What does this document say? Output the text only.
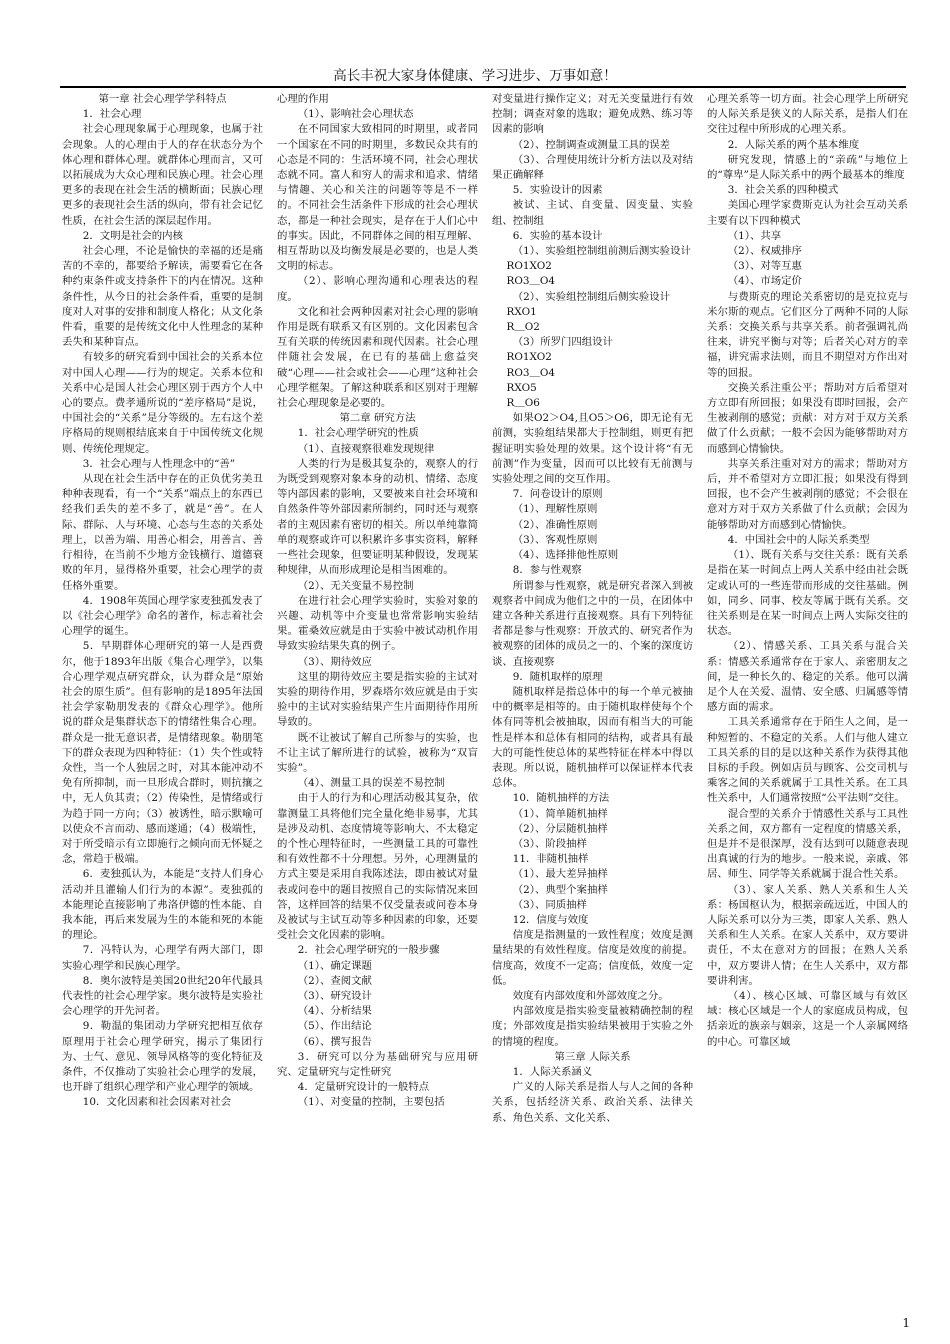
高长丰祝大家身体健康、学习进步、万事如意！

第一章 社会心理学学科特点

1．社会心理

社会心理现象属于心理现象，也属于社会现象。人的心理由于人的存在状态分为个体心理和群体心理。就群体心理而言，又可以拓展成为大众心理和民族心理。社会心理更多的表现在社会生活的横断面；民族心理更多的表现社会生活的纵向，带有社会记忆性质，在社会生活的深层起作用。

2．文明是社会的内核

社会心理，不论是愉快的幸福的还是痛苦的不幸的，都要给予解读，需要看它在各种约束条件或支持条件下的内在情况。这种条件性，从今日的社会条件看，重要的是制度对人对事的安排和制度人格化；从文化条件看，重要的是传统文化中人性理念的某种丢失和某种盲点。

有较多的研究看到中国社会的关系本位对中国人心理——行为的规定。关系本位和关系中心是国人社会心理区别于西方个人中心的要点。费孝通所说的“差序格局”是说，中国社会的“关系”是分等级的。左右这个差序格局的规则根结底来自于中国传统文化规则、传统伦理规定。

3．社会心理与人性理念中的“善”

从现在社会生活中存在的正负优劣美丑种种表现看，有一个“关系”端点上的东西已经我们丢失的差不多了，就是“善”。在人际、群际、人与环境、心态与生态的关系处理上，以善为端、用善心相会，用善言、善行相待，在当前不少地方金钱横行、道德衰败的年月，显得格外重要，社会心理学的责任格外重要。

4．1908年英国心理学家麦独孤发表了以《社会心理学》命名的著作，标志着社会心理学的诞生。

5．早期群体心理研究的第一人是西费尔，他于1893年出版《集合心理学》，以集合心理学观点研究群众，认为群众是“原始社会的原生质”。但有影响的是1895年法国社会学家勒朋发表的《群众心理学》。他所说的群众是集群状态下的情绪性集合心理。群众是一批无意识者，是情绪现象。勒朋笔下的群众表现为四种特征：（1）失个性或特众性，当一个人独居之时，对其本能冲动不免有所抑制，而一旦形成合群时，则抗攘之中，无人负其责；（2）传染性，是情绪或行为趋于同一方向；（3）被诱性，暗示默喻可以使众不言而动、感而遂通；（4）极端性，对于所受暗示有立即施行之倾向而无怀疑之念，常趋于极端。

6．麦独孤认为，本能是“支持人们身心活动并且灌输人们行为的本源”。麦独孤的本能理论直接影响了弗洛伊德的性本能、自我本能，再后来发展为生的本能和死的本能的理论。

7．冯特认为，心理学有两大部门，即实验心理学和民族心理学。

8．奥尔波特是美国20世纪20年代最具代表性的社会心理学家。奥尔波特是实验社会心理学的开先河者。

9．勒温的集团动力学研究把相互依存原理用于社会心理学研究，揭示了集团行为、士气、意见、领导风格等的变化特征及条件，不仅推动了实验社会心理学的发展，也开辟了组织心理学和产业心理学的领域。

10．文化因素和社会因素对社会

心理的作用

（1）、影响社会心理状态

在不同国家大致相同的时期里，或者同一个国家在不同的时期里，多数民众共有的心态是不同的：生活环境不同，社会心理状态就不同。富人和穷人的需求和追求、情绪与情趣、关心和关注的问题等等是不一样的。不同社会生活条件下形成的社会心理状态，都是一种社会现实，是存在于人们心中的事实。因此，不同群体之间的相互理解、相互帮助以及均衡发展是必要的，也是人类文明的标志。

（2）、影响心理沟通和心理表达的程度。

文化和社会两种因素对社会心理的影响作用是既有联系又有区别的。文化因素包含互有关联的传统因素和现代因素。社会心理伴随社会发展，在已有的基础上愈益突破“心理——社会或社会——心理”这种社会心理学框架。了解这种联系和区别对于理解社会心理现象是必要的。

第二章 研究方法

1．社会心理学研究的性质

（1）、直接观察很难发现规律

人类的行为是极其复杂的，观察人的行为既受到观察对象本身的动机、情绪、态度等内部因素的影响，又要被来自社会环境和自然条件等外部因素所制约，同时还与观察者的主观因素有密切的相关。所以单纯靠简单的观察或许可以积累许多事实资料，解释一些社会现象，但要证明某种假设，发现某种规律，从而形成理论是相当困难的。

（2）、无关变量不易控制

在进行社会心理学实验时，实验对象的兴趣、动机等中介变量也常常影响实验结果。霍桑效应就是由于实验中被试动机作用导致实验结果失真的例子。

（3）、期待效应

这里的期待效应主要是指实验的主试对实验的期待作用，罗森塔尔效应就是由于实验中的主试对实验结果产生片面期待作用所导致的。

既不让被试了解自己所参与的实验，也不让主试了解所进行的试验，被称为“双盲实验”。

（4）、测量工具的误差不易控制

由于人的行为和心理活动极其复杂，依靠测量工具将他们完全量化绝非易事，尤其是涉及动机、态度情境等影响大、不太稳定的个性心理特征时，一些测量工具的可靠性和有效性都不十分理想。另外，心理测量的方式主要是采用自我陈述法，即由被试对量表或问卷中的题目按照自己的实际情况来回答，这样回答的结果不仅受量表或问卷本身及被试与主试互动等多种因素的印象，还要受社会文化因素的影响。

2．社会心理学研究的一般步骤

（1）、确定课题

（2）、查阅文献

（3）、研究设计

（4）、分析结果

（5）、作出结论

（6）、撰写报告

3．研究可以分为基础研究与应用研究、定量研究与定性研究

4．定量研究设计的一般特点

（1）、对变量的控制，主要包括

对变量进行操作定义；对无关变量进行有效控制；调查对象的选取；避免成熟、练习等因素的影响

（2）、控制调查或测量工具的误差

（3）、合理使用统计分析方法以及对结果正确解释

5．实验设计的因素

被试、主试、自变量、因变量、实验组、控制组

6．实验的基本设计

（1）、实验组控制组前测后测实验设计

RO1XO2

RO3＿O4

（2）、实验组控制组后侧实验设计

RXO1

R＿O2

（3）所罗门四组设计

RO1XO2

RO3＿O4

RXO5

R＿O6

如果O2＞O4,且O5＞O6，即无论有无前测，实验组结果都大于控制组，则更有把握证明实验处理的效果。这个设计将“有无前测”作为变量，因而可以比较有无前测与实验处理之间的交互作用。

7．问卷设计的原则

（1）、理解性原则

（2）、准确性原则

（3）、客观性原则

（4）、选择排他性原则

8．参与性观察

所谓参与性观察，就是研究者深入到被观察者中间成为他们之中的一员，在团体中建立各种关系进行直接观察。具有下列特征者都是参与性观察：开放式的、研究者作为被观察的团体的成员之一的、个案的深度访谈、直接观察

9．随机取样的原理

随机取样是指总体中的每一个单元被抽中的概率是相等的。由于随机取样使每个个体有同等机会被抽取，因而有相当大的可能性是样本和总体有相同的结构，或者具有最大的可能性使总体的某些特征在样本中得以表现。所以说，随机抽样可以保证样本代表总体。

10．随机抽样的方法

（1）、简单随机抽样

（2）、分层随机抽样

（3）、阶段抽样

11．非随机抽样

（1）、最大差异抽样

（2）、典型个案抽样

（3）、同质抽样

12．信度与效度

信度是指测量的一致性程度；效度是测量结果的有效性程度。信度是效度的前提。信度高，效度不一定高；信度低，效度一定低。

效度有内部效度和外部效度之分。

内部效度是指实验变量被精确控制的程度；外部效度是指实验结果被用于实验之外的情境的程度。

第三章 人际关系

1．人际关系涵义

广义的人际关系是指人与人之间的各种关系，包括经济关系、政治关系、法律关系、角色关系、文化关系、

心理关系等一切方面。社会心理学上所研究的人际关系是狭义的人际关系，是指人们在交往过程中所形成的心理关系。

2．人际关系的两个基本维度

研究发现，情感上的“亲疏”与地位上的“尊卑”是人际关系中的两个最基本的维度

3．社会关系的四种模式

美国心理学家费斯克认为社会互动关系主要有以下四种模式

（1）、共享

（2）、权威排序

（3）、对等互惠

（4）、市场定价

与费斯克的理论关系密切的是克拉克与米尔斯的观点。它们区分了两种不同的人际关系：交换关系与共享关系。前者强调礼尚往来，讲究平衡与对等；后者关心对方的幸福，讲究需求法则，而且不期望对方作出对等的回报。

交换关系注重公平；帮助对方后希望对方立即有所回报；如果没有即时回报，会产生被剥削的感觉；贡献：对方对于双方关系做了什么贡献；一般不会因为能够帮助对方而感到心情愉快。

共享关系注重对对方的需求；帮助对方后，并不希望对方立即汇报；如果没有得到回报，也不会产生被剥削的感觉；不会很在意对方对于双方关系做了什么贡献；会因为能够帮助对方而感到心情愉快。

4．中国社会中的人际关系类型

（1）、既有关系与交往关系：既有关系是指在某一时间点上两人关系中经由社会既定或认可的一些连带而形成的交往基础。例如，同乡、同事、校友等属于既有关系。交往关系则是在某一时间点上两人实际交往的状态。

（2）、情感关系、工具关系与混合关系：情感关系通常存在于家人、亲密朋友之间，是一种长久的、稳定的关系。他可以满足个人在关爱、温情、安全感、归属感等情感方面的需求。

工具关系通常存在于陌生人之间，是一种短暂的、不稳定的关系。人们与他人建立工具关系的目的是以这种关系作为获得其他目标的手段。例如店员与顾客、公交司机与乘客之间的关系就属于工具性关系。在工具性关系中，人们通常按照“公平法则”交往。

混合型的关系介于情感性关系与工具性关系之间，双方都有一定程度的情感关系，但是并不是很深厚，没有达到可以随意表现出真诚的行为的地步。一般来说，亲戚、邻居、师生、同学等关系就属于混合性关系。

（3）、家人关系、熟人关系和生人关系：杨国枢认为，根据亲疏远近，中国人的人际关系可以分为三类，即家人关系、熟人关系和生人关系。在家人关系中，双方要讲责任，不太在意对方的回报；在熟人关系中，双方要讲人情；在生人关系中，双方都要讲利害。

（4）、核心区域、可靠区域与有效区域：核心区域是一个人的家庭成员构成，包括亲近的族亲与姻亲，这是一个人亲属网络的中心。可靠区域

1
